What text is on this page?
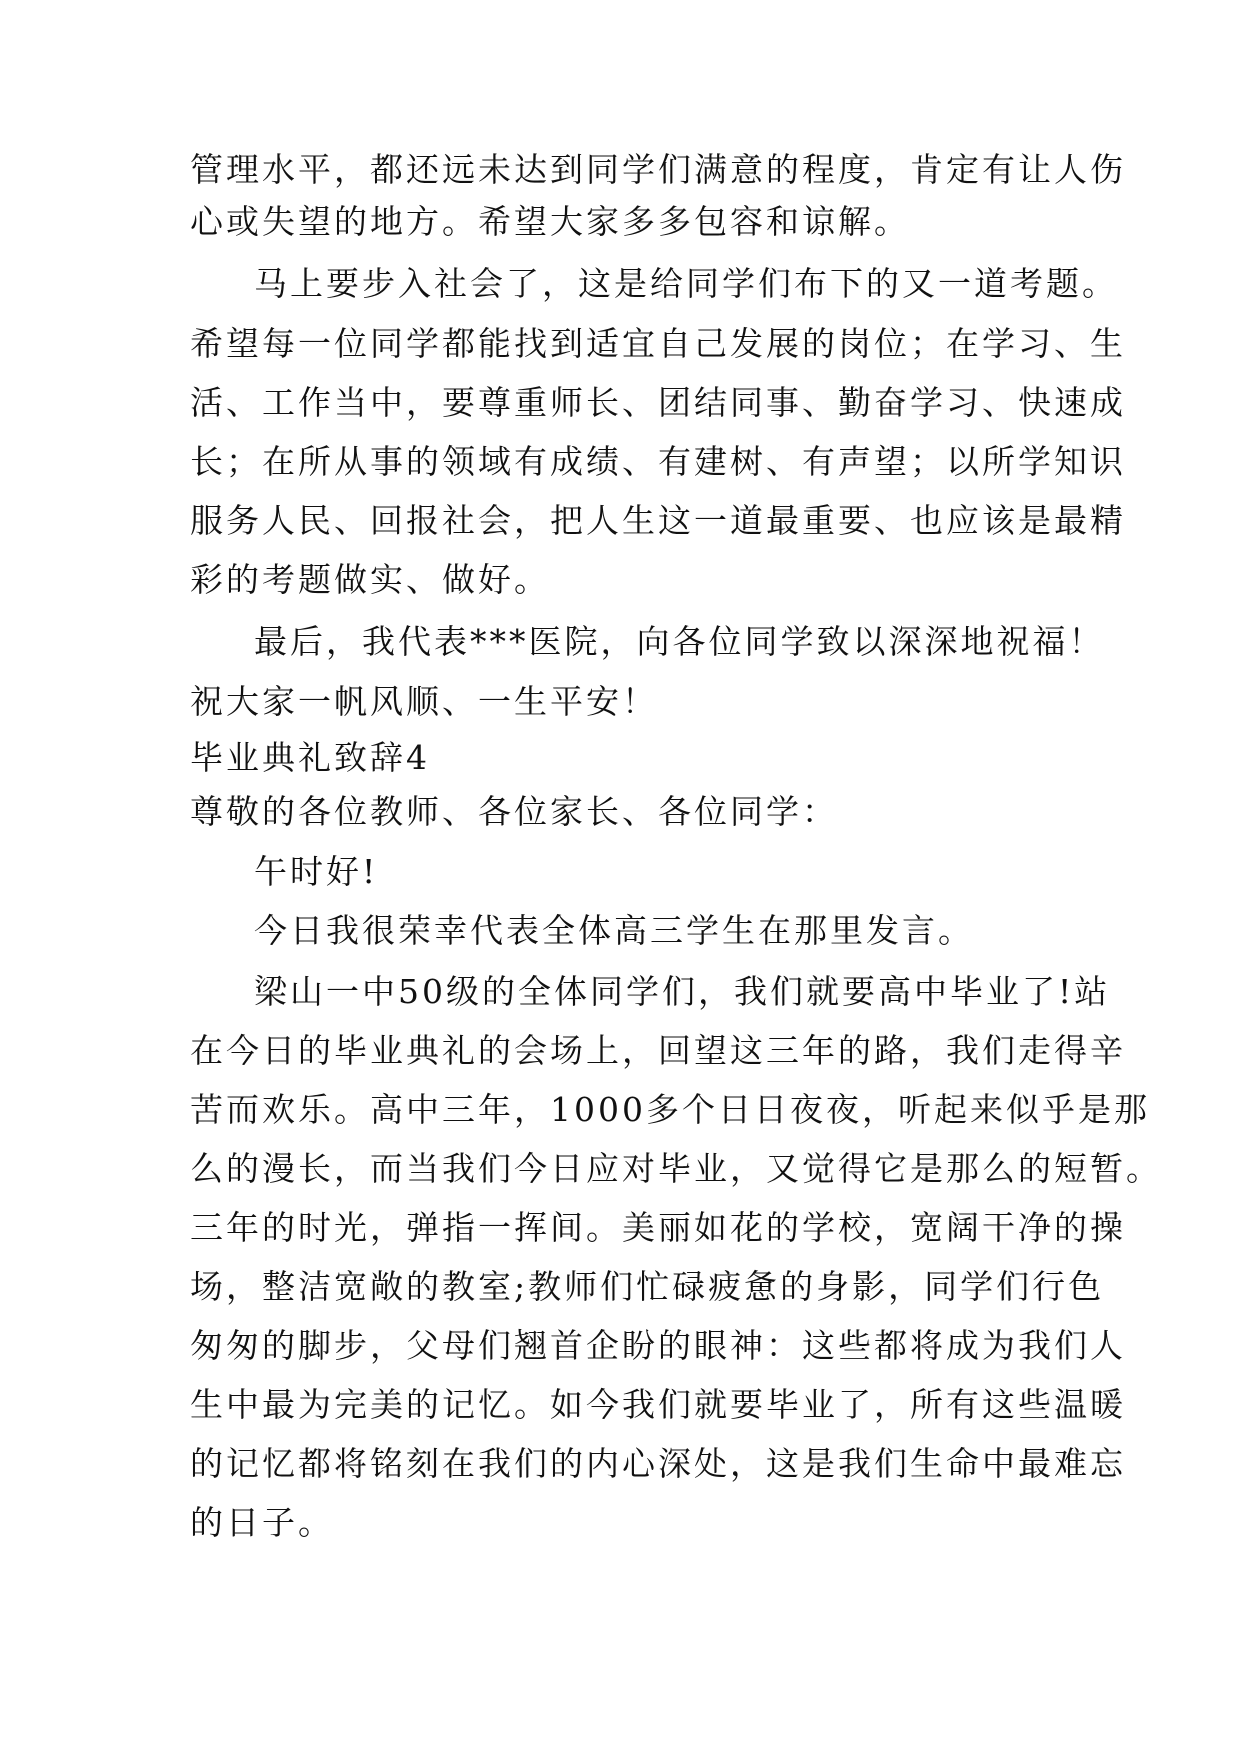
管理水平，都还远未达到同学们满意的程度，肯定有让人伤
心或失望的地方。希望大家多多包容和谅解。
马上要步入社会了，这是给同学们布下的又一道考题。
希望每一位同学都能找到适宜自己发展的岗位；在学习、生
活、工作当中，要尊重师长、团结同事、勤奋学习、快速成
长；在所从事的领域有成绩、有建树、有声望；以所学知识
服务人民、回报社会，把人生这一道最重要、也应该是最精
彩的考题做实、做好。
最后，我代表***医院，向各位同学致以深深地祝福！
祝大家一帆风顺、一生平安！
毕业典礼致辞4
尊敬的各位教师、各位家长、各位同学：
午时好!
今日我很荣幸代表全体高三学生在那里发言。
梁山一中50级的全体同学们，我们就要高中毕业了!站
在今日的毕业典礼的会场上，回望这三年的路，我们走得辛
苦而欢乐。高中三年，1000多个日日夜夜，听起来似乎是那
么的漫长，而当我们今日应对毕业，又觉得它是那么的短暂。
三年的时光，弹指一挥间。美丽如花的学校，宽阔干净的操
场，整洁宽敞的教室;教师们忙碌疲惫的身影，同学们行色
匆匆的脚步，父母们翘首企盼的眼神：这些都将成为我们人
生中最为完美的记忆。如今我们就要毕业了，所有这些温暖
的记忆都将铭刻在我们的内心深处，这是我们生命中最难忘
的日子。
